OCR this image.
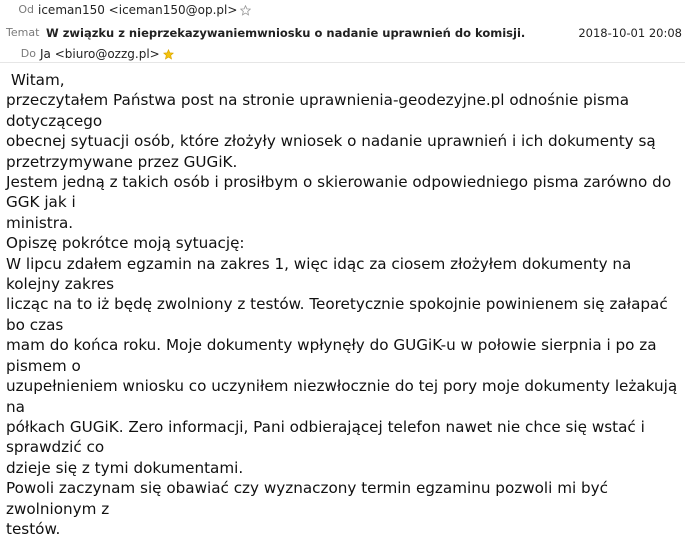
Od iceman150 <iceman150@op.pl>
Temat W związku z nieprzekazywaniemwniosku o nadanie uprawnień do komisji.	2018-10-01 20:08
Do Ja <biuro@ozzg.pl>
Witam,
przeczytałem Państwa post na stronie uprawnienia-geodezyjne.pl odnośnie pisma dotyczącego
obecnej sytuacji osób, które złożyły wniosek o nadanie uprawnień i ich dokumenty są
przetrzymywane przez GUGiK.
Jestem jedną z takich osób i prosiłbym o skierowanie odpowiedniego pisma zarówno do GGK jak i
ministra.
Opiszę pokrótce moją sytuację:
W lipcu zdałem egzamin na zakres 1, więc idąc za ciosem złożyłem dokumenty na kolejny zakres
licząc na to iż będę zwolniony z testów. Teoretycznie spokojnie powinienem się załapać bo czas
mam do końca roku. Moje dokumenty wpłynęły do GUGiK-u w połowie sierpnia i po za pismem o
uzupełnieniem wniosku co uczyniłem niezwłocznie do tej pory moje dokumenty leżakują na
półkach GUGiK. Zero informacji, Pani odbierającej telefon nawet nie chce się wstać i sprawdzić co
dzieje się z tymi dokumentami.
Powoli zaczynam się obawiać czy wyznaczony termin egzaminu pozwoli mi być zwolnionym z
testów.
